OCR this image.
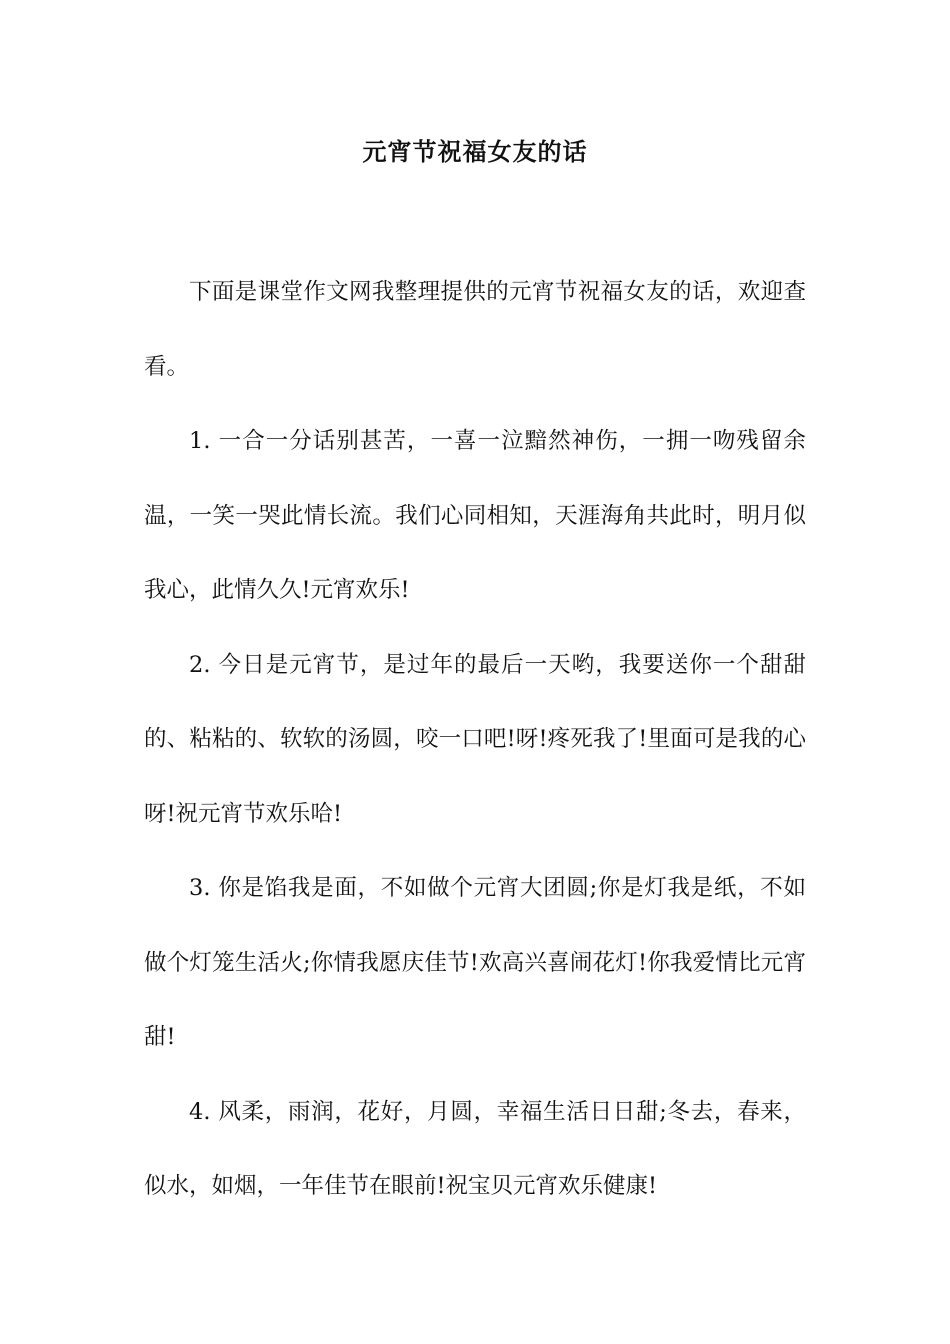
元宵节祝福女友的话

下面是课堂作文网我整理提供的元宵节祝福女友的话，欢迎查看。

1. 一合一分话别甚苦，一喜一泣黯然神伤，一拥一吻残留余温，一笑一哭此情长流。我们心同相知，天涯海角共此时，明月似我心，此情久久!元宵欢乐!

2. 今日是元宵节，是过年的最后一天哟，我要送你一个甜甜的、粘粘的、软软的汤圆，咬一口吧!呀!疼死我了!里面可是我的心呀!祝元宵节欢乐哈!

3. 你是馅我是面，不如做个元宵大团圆;你是灯我是纸，不如做个灯笼生活火;你情我愿庆佳节!欢高兴喜闹花灯!你我爱情比元宵甜!

4. 风柔，雨润，花好，月圆，幸福生活日日甜;冬去，春来，似水，如烟，一年佳节在眼前!祝宝贝元宵欢乐健康!
